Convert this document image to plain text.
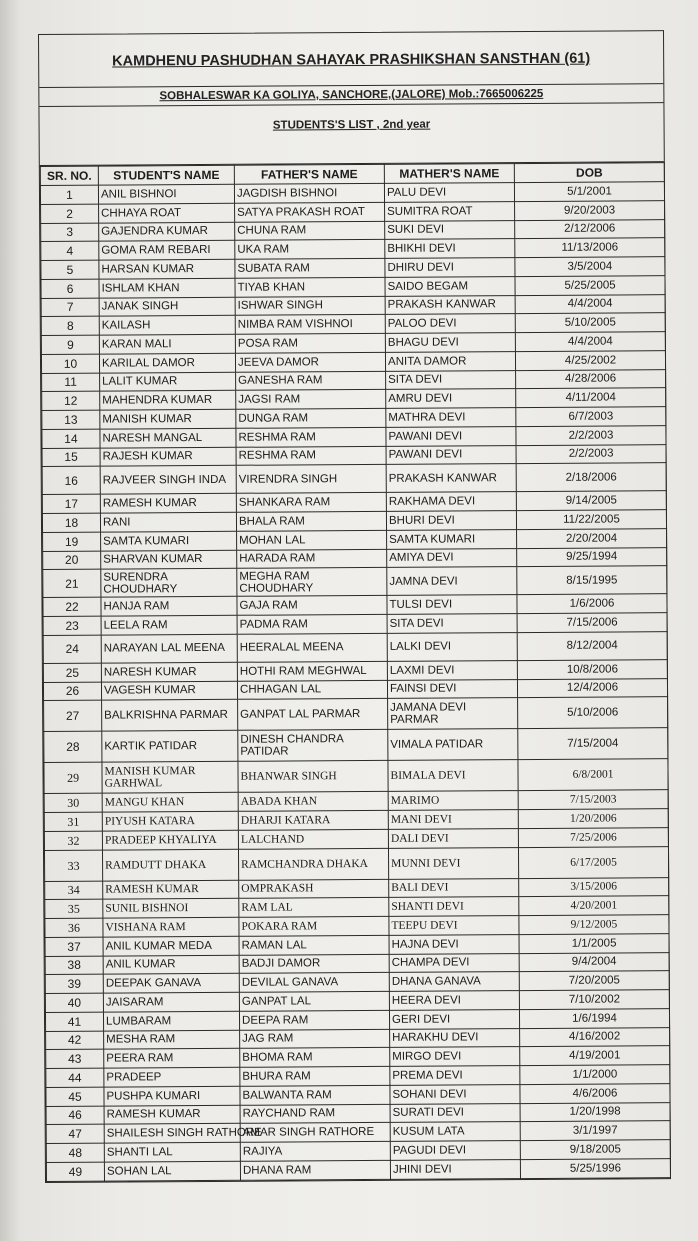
KAMDHENU PASHUDHAN SAHAYAK PRASHIKSHAN SANSTHAN (61)
SOBHALESWAR KA GOLIYA, SANCHORE,(JALORE) Mob.:7665006225
STUDENTS'S LIST , 2nd year
SR. NO.	STUDENT'S NAME	FATHER'S NAME	MATHER'S NAME	DOB
1	ANIL BISHNOI	JAGDISH BISHNOI	PALU DEVI	5/1/2001
2	CHHAYA ROAT	SATYA PRAKASH ROAT	SUMITRA ROAT	9/20/2003
3	GAJENDRA KUMAR	CHUNA RAM	SUKI DEVI	2/12/2006
4	GOMA RAM REBARI	UKA RAM	BHIKHI DEVI	11/13/2006
5	HARSAN KUMAR	SUBATA RAM	DHIRU DEVI	3/5/2004
6	ISHLAM KHAN	TIYAB KHAN	SAIDO BEGAM	5/25/2005
7	JANAK SINGH	ISHWAR SINGH	PRAKASH KANWAR	4/4/2004
8	KAILASH	NIMBA RAM VISHNOI	PALOO DEVI	5/10/2005
9	KARAN MALI	POSA RAM	BHAGU DEVI	4/4/2004
10	KARILAL DAMOR	JEEVA DAMOR	ANITA DAMOR	4/25/2002
11	LALIT KUMAR	GANESHA RAM	SITA DEVI	4/28/2006
12	MAHENDRA KUMAR	JAGSI RAM	AMRU DEVI	4/11/2004
13	MANISH KUMAR	DUNGA RAM	MATHRA DEVI	6/7/2003
14	NARESH MANGAL	RESHMA RAM	PAWANI DEVI	2/2/2003
15	RAJESH KUMAR	RESHMA RAM	PAWANI DEVI	2/2/2003
16	RAJVEER SINGH INDA	VIRENDRA SINGH	PRAKASH KANWAR	2/18/2006
17	RAMESH KUMAR	SHANKARA RAM	RAKHAMA DEVI	9/14/2005
18	RANI	BHALA RAM	BHURI DEVI	11/22/2005
19	SAMTA KUMARI	MOHAN LAL	SAMTA KUMARI	2/20/2004
20	SHARVAN KUMAR	HARADA RAM	AMIYA DEVI	9/25/1994
21	SURENDRA CHOUDHARY	MEGHA RAM CHOUDHARY	JAMNA DEVI	8/15/1995
22	HANJA RAM	GAJA RAM	TULSI DEVI	1/6/2006
23	LEELA RAM	PADMA RAM	SITA DEVI	7/15/2006
24	NARAYAN LAL MEENA	HEERALAL MEENA	LALKI DEVI	8/12/2004
25	NARESH KUMAR	HOTHI RAM MEGHWAL	LAXMI DEVI	10/8/2006
26	VAGESH KUMAR	CHHAGAN LAL	FAINSI DEVI	12/4/2006
27	BALKRISHNA PARMAR	GANPAT LAL PARMAR	JAMANA DEVI PARMAR	5/10/2006
28	KARTIK PATIDAR	DINESH CHANDRA PATIDAR	VIMALA PATIDAR	7/15/2004
29	MANISH KUMAR GARHWAL	BHANWAR SINGH	BIMALA DEVI	6/8/2001
30	MANGU KHAN	ABADA KHAN	MARIMO	7/15/2003
31	PIYUSH KATARA	DHARJI KATARA	MANI DEVI	1/20/2006
32	PRADEEP KHYALIYA	LALCHAND	DALI DEVI	7/25/2006
33	RAMDUTT DHAKA	RAMCHANDRA DHAKA	MUNNI DEVI	6/17/2005
34	RAMESH KUMAR	OMPRAKASH	BALI DEVI	3/15/2006
35	SUNIL BISHNOI	RAM LAL	SHANTI DEVI	4/20/2001
36	VISHANA RAM	POKARA RAM	TEEPU DEVI	9/12/2005
37	ANIL KUMAR MEDA	RAMAN LAL	HAJNA DEVI	1/1/2005
38	ANIL KUMAR	BADJI DAMOR	CHAMPA DEVI	9/4/2004
39	DEEPAK GANAVA	DEVILAL GANAVA	DHANA GANAVA	7/20/2005
40	JAISARAM	GANPAT LAL	HEERA DEVI	7/10/2002
41	LUMBARAM	DEEPA RAM	GERI DEVI	1/6/1994
42	MESHA RAM	JAG RAM	HARAKHU DEVI	4/16/2002
43	PEERA RAM	BHOMA RAM	MIRGO DEVI	4/19/2001
44	PRADEEP	BHURA RAM	PREMA DEVI	1/1/2000
45	PUSHPA KUMARI	BALWANTA RAM	SOHANI DEVI	4/6/2006
46	RAMESH KUMAR	RAYCHAND RAM	SURATI DEVI	1/20/1998
47	SHAILESH SINGH RATHORE	AMAR SINGH RATHORE	KUSUM LATA	3/1/1997
48	SHANTI LAL	RAJIYA	PAGUDI DEVI	9/18/2005
49	SOHAN LAL	DHANA RAM	JHINI DEVI	5/25/1996
